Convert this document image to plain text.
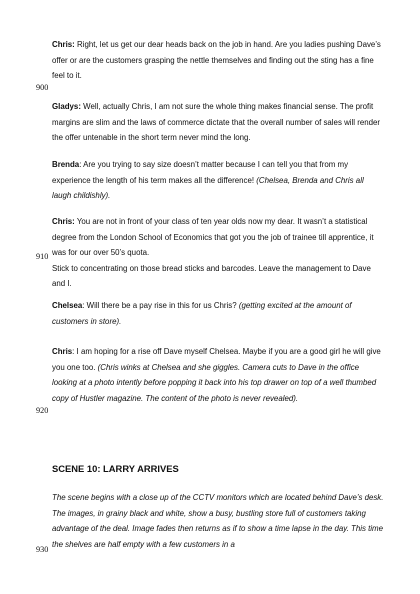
900
910
920
930
Chris: Right, let us get our dear heads back on the job in hand. Are you ladies pushing Dave’s offer or are the customers grasping the nettle themselves and finding out the sting has a fine feel to it.
Gladys: Well, actually Chris, I am not sure the whole thing makes financial sense. The profit margins are slim and the laws of commerce dictate that the overall number of sales will render the offer untenable in the short term never mind the long.
Brenda: Are you trying to say size doesn’t matter because I can tell you that from my experience the length of his term makes all the difference! (Chelsea, Brenda and Chris all laugh childishly).
Chris: You are not in front of your class of ten year olds now my dear. It wasn’t a statistical degree from the London School of Economics that got you the job of trainee till apprentice, it was for our over 50’s quota.
Stick to concentrating on those bread sticks and barcodes. Leave the management to Dave and I.
Chelsea: Will there be a pay rise in this for us Chris? (getting excited at the amount of customers in store).
Chris: I am hoping for a rise off Dave myself Chelsea. Maybe if you are a good girl he will give you one too. (Chris winks at Chelsea and she giggles. Camera cuts to Dave in the office looking at a photo intently before popping it back into his top drawer on top of a well thumbed copy of Hustler magazine. The content of the photo is never revealed).
SCENE 10: LARRY ARRIVES
The scene begins with a close up of the CCTV monitors which are located behind Dave’s desk. The images, in grainy black and white, show a busy, bustling store full of customers taking advantage of the deal. Image fades then returns as if to show a time lapse in the day. This time the shelves are half empty with a few customers in a
